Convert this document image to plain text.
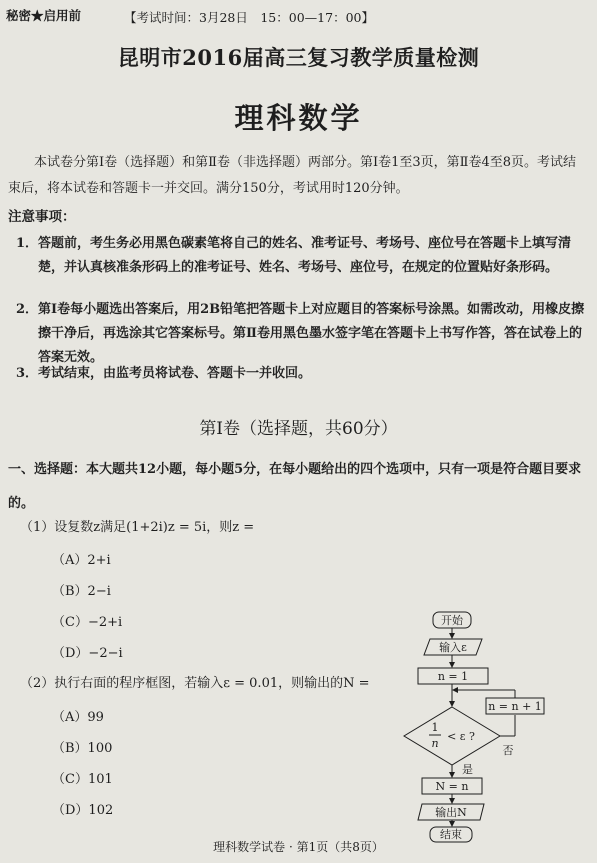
秘密★启用前	【考试时间：3月28日　15：00—17：00】
昆明市2016届高三复习教学质量检测
理科数学
本试卷分第Ⅰ卷（选择题）和第Ⅱ卷（非选择题）两部分。第Ⅰ卷1至3页，第Ⅱ卷4至8页。考试结束后，将本试卷和答题卡一并交回。满分150分，考试用时120分钟。
注意事项：
1．答题前，考生务必用黑色碳素笔将自己的姓名、准考证号、考场号、座位号在答题卡上填写清楚，并认真核准条形码上的准考证号、姓名、考场号、座位号，在规定的位置贴好条形码。
2．第Ⅰ卷每小题选出答案后，用2B铅笔把答题卡上对应题目的答案标号涂黑。如需改动，用橡皮擦擦干净后，再选涂其它答案标号。第Ⅱ卷用黑色墨水签字笔在答题卡上书写作答，答在试卷上的答案无效。
3．考试结束，由监考员将试卷、答题卡一并收回。
第Ⅰ卷（选择题，共60分）
一、选择题：本大题共12小题，每小题5分，在每小题给出的四个选项中，只有一项是符合题目要求的。
（1）设复数z满足(1+2i)z = 5i，则z =
（A）2+i
（B）2−i
（C）−2+i
（D）−2−i
（2）执行右面的程序框图，若输入ε = 0.01，则输出的N =
（A）99
（B）100
（C）101
（D）102
开始
输入ε
n = 1
1
n
< ε ?
否
n = n + 1
是
N = n
输出N
结束
理科数学试卷 · 第1页（共8页）
